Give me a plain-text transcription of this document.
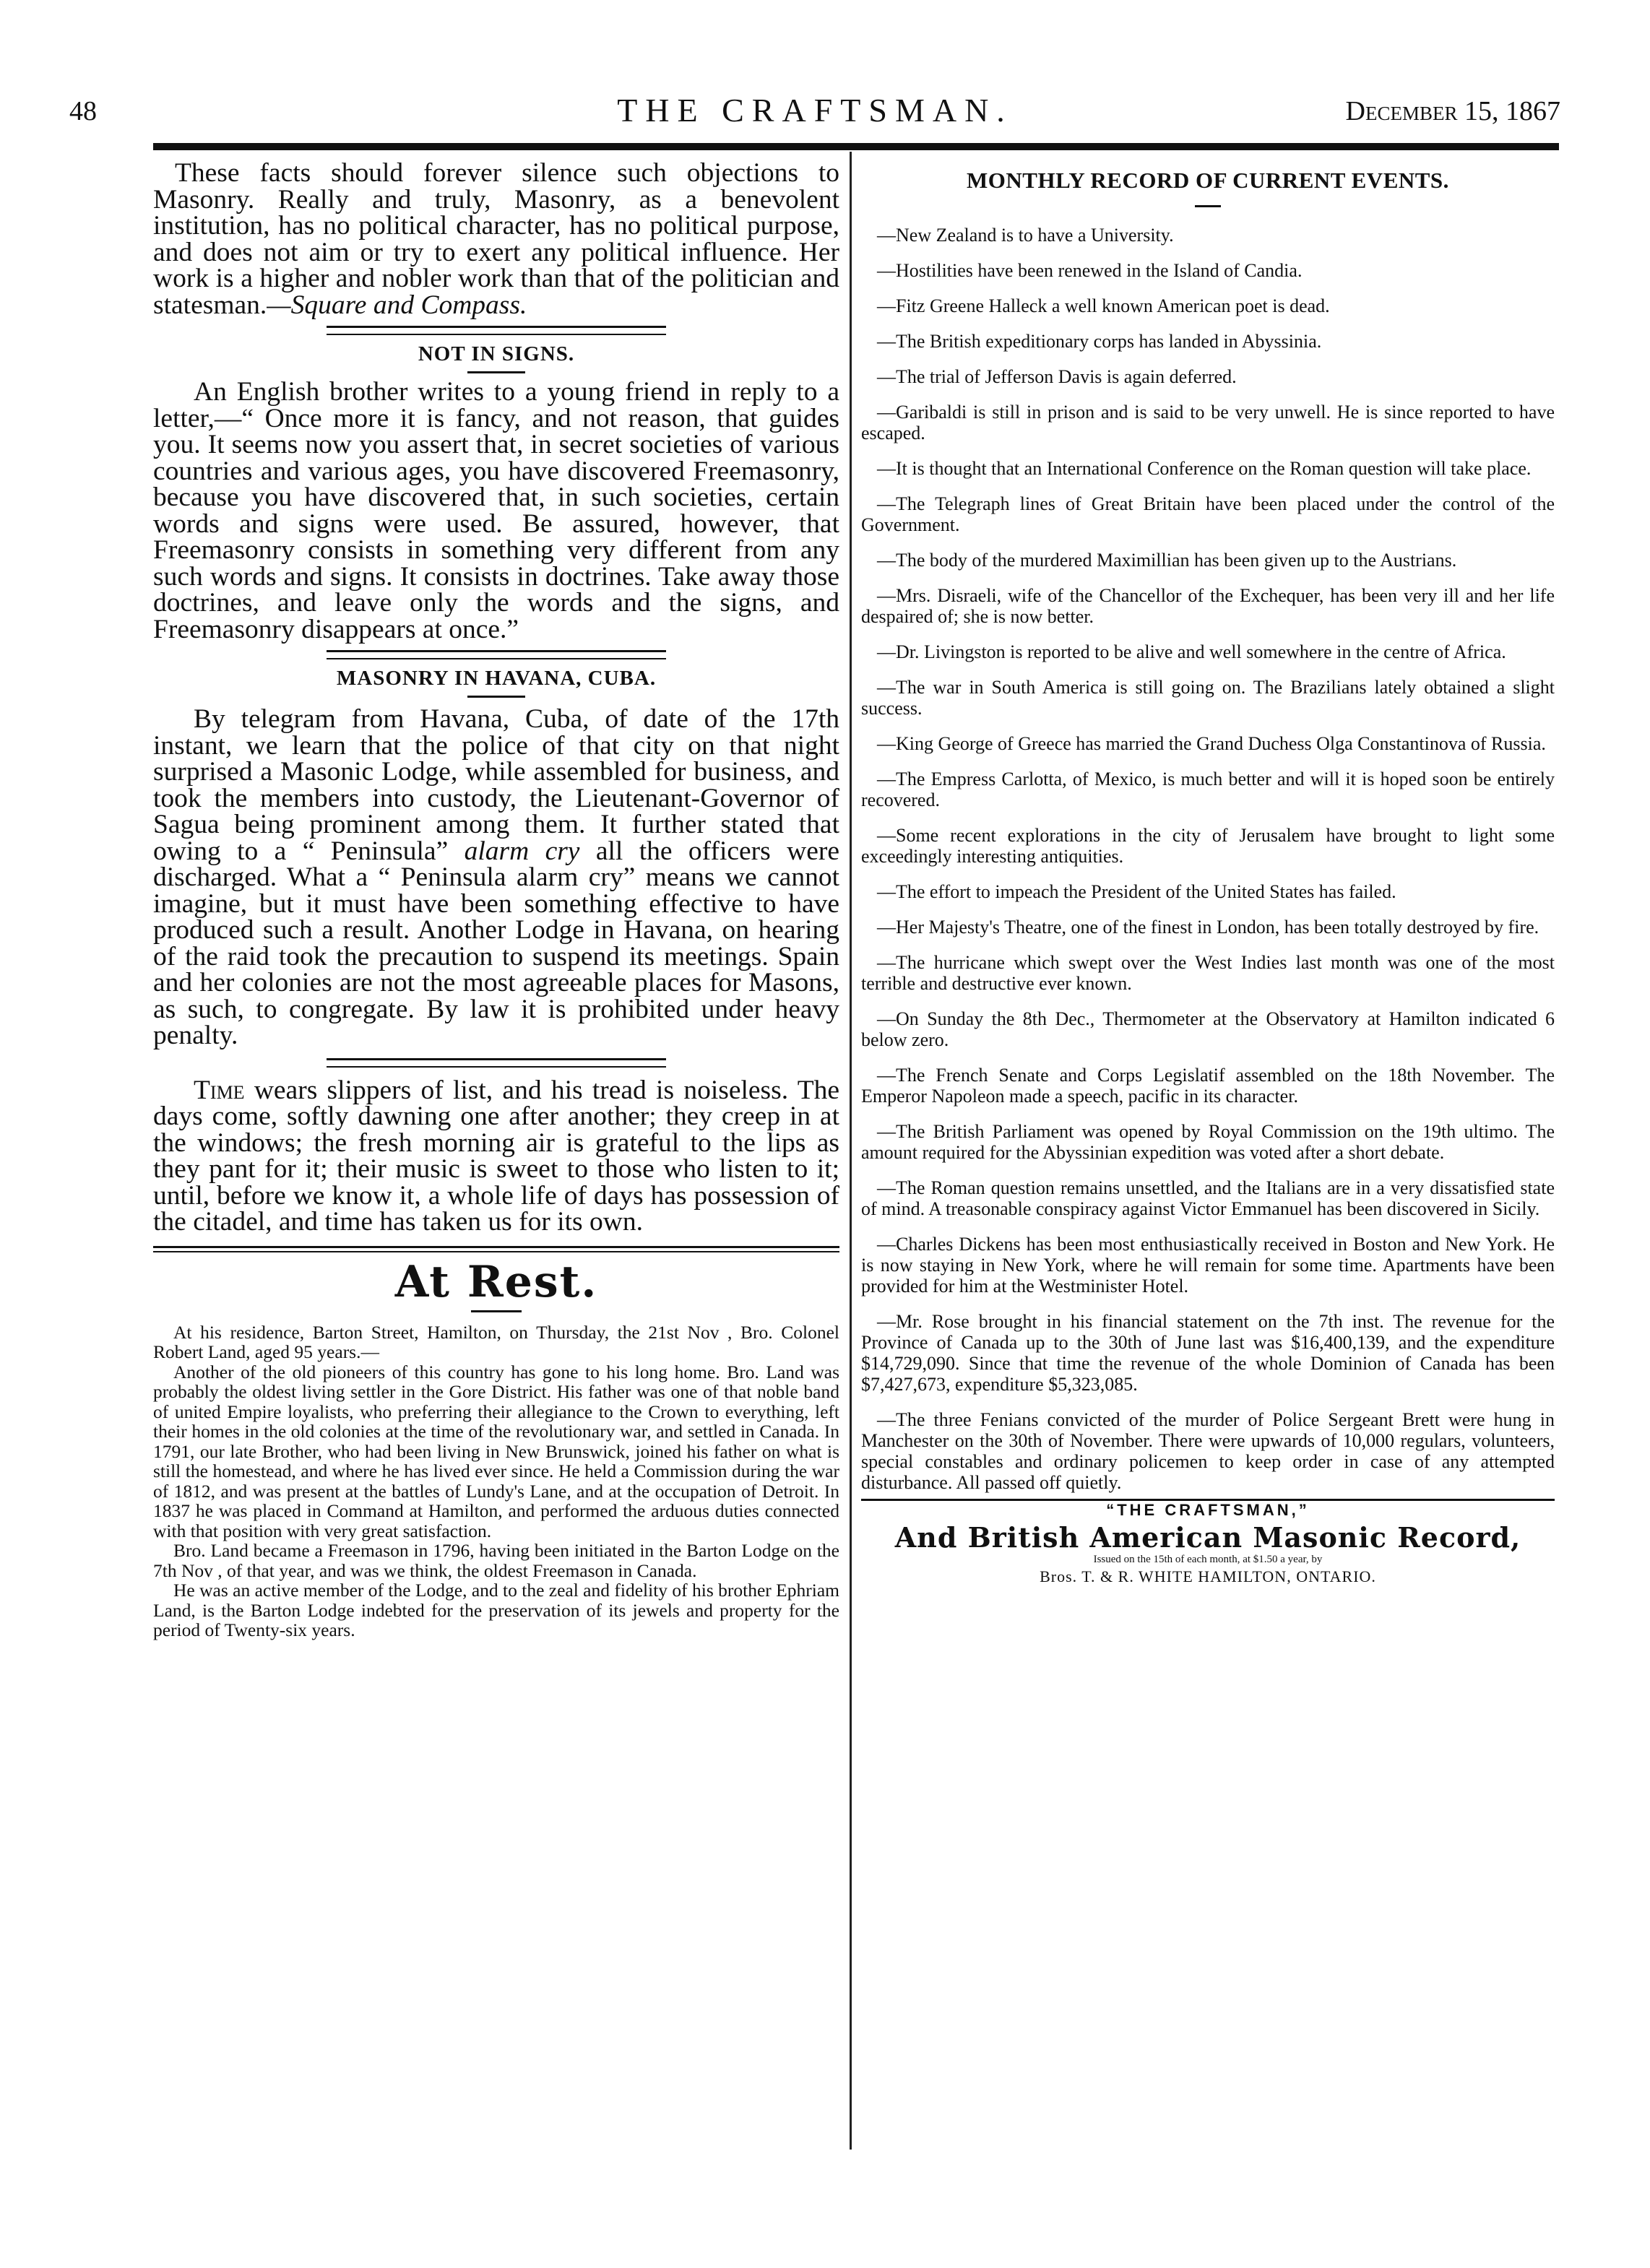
48	THE CRAFTSMAN.	December 15, 1867

These facts should forever silence such objections to Masonry. Really and truly, Masonry, as a benevolent institution, has no political character, has no political purpose, and does not aim or try to exert any political influence. Her work is a higher and nobler work than that of the politician and statesman.—Square and Compass.

NOT IN SIGNS.

An English brother writes to a young friend in reply to a letter,—“ Once more it is fancy, and not reason, that guides you. It seems now you assert that, in secret societies of various countries and various ages, you have discovered Freemasonry, because you have discovered that, in such societies, certain words and signs were used. Be assured, however, that Freemasonry consists in something very different from any such words and signs. It consists in doctrines. Take away those doctrines, and leave only the words and the signs, and Freemasonry disappears at once.”

MASONRY IN HAVANA, CUBA.

By telegram from Havana, Cuba, of date of the 17th instant, we learn that the police of that city on that night surprised a Masonic Lodge, while assembled for business, and took the members into custody, the Lieutenant-Governor of Sagua being prominent among them. It further stated that owing to a “ Peninsula” alarm cry all the officers were discharged. What a “ Peninsula alarm cry” means we cannot imagine, but it must have been something effective to have produced such a result. Another Lodge in Havana, on hearing of the raid took the precaution to suspend its meetings. Spain and her colonies are not the most agreeable places for Masons, as such, to congregate. By law it is prohibited under heavy penalty.

Time wears slippers of list, and his tread is noiseless. The days come, softly dawning one after another; they creep in at the windows; the fresh morning air is grateful to the lips as they pant for it; their music is sweet to those who listen to it; until, before we know it, a whole life of days has possession of the citadel, and time has taken us for its own.

At Rest.

At his residence, Barton Street, Hamilton, on Thursday, the 21st Nov , Bro. Colonel Robert Land, aged 95 years.—

Another of the old pioneers of this country has gone to his long home. Bro. Land was probably the oldest living settler in the Gore District. His father was one of that noble band of united Empire loyalists, who preferring their allegiance to the Crown to everything, left their homes in the old colonies at the time of the revolutionary war, and settled in Canada. In 1791, our late Brother, who had been living in New Brunswick, joined his father on what is still the homestead, and where he has lived ever since. He held a Commission during the war of 1812, and was present at the battles of Lundy's Lane, and at the occupation of Detroit. In 1837 he was placed in Command at Hamilton, and performed the arduous duties connected with that position with very great satisfaction.

Bro. Land became a Freemason in 1796, having been initiated in the Barton Lodge on the 7th Nov , of that year, and was we think, the oldest Freemason in Canada.

He was an active member of the Lodge, and to the zeal and fidelity of his brother Ephriam Land, is the Barton Lodge indebted for the preservation of its jewels and property for the period of Twenty-six years.

MONTHLY RECORD OF CURRENT EVENTS.

—New Zealand is to have a University.

—Hostilities have been renewed in the Island of Candia.

—Fitz Greene Halleck a well known American poet is dead.

—The British expeditionary corps has landed in Abyssinia.

—The trial of Jefferson Davis is again deferred.

—Garibaldi is still in prison and is said to be very unwell. He is since reported to have escaped.

—It is thought that an International Conference on the Roman question will take place.

—The Telegraph lines of Great Britain have been placed under the control of the Government.

—The body of the murdered Maximillian has been given up to the Austrians.

—Mrs. Disraeli, wife of the Chancellor of the Exchequer, has been very ill and her life despaired of; she is now better.

—Dr. Livingston is reported to be alive and well somewhere in the centre of Africa.

—The war in South America is still going on. The Brazilians lately obtained a slight success.

—King George of Greece has married the Grand Duchess Olga Constantinova of Russia.

—The Empress Carlotta, of Mexico, is much better and will it is hoped soon be entirely recovered.

—Some recent explorations in the city of Jerusalem have brought to light some exceedingly interesting antiquities.

—The effort to impeach the President of the United States has failed.

—Her Majesty's Theatre, one of the finest in London, has been totally destroyed by fire.

—The hurricane which swept over the West Indies last month was one of the most terrible and destructive ever known.

—On Sunday the 8th Dec., Thermometer at the Observatory at Hamilton indicated 6 below zero.

—The French Senate and Corps Legislatif assembled on the 18th November. The Emperor Napoleon made a speech, pacific in its character.

—The British Parliament was opened by Royal Commission on the 19th ultimo. The amount required for the Abyssinian expedition was voted after a short debate.

—The Roman question remains unsettled, and the Italians are in a very dissatisfied state of mind. A treasonable conspiracy against Victor Emmanuel has been discovered in Sicily.

—Charles Dickens has been most enthusiastically received in Boston and New York. He is now staying in New York, where he will remain for some time. Apartments have been provided for him at the Westminister Hotel.

—Mr. Rose brought in his financial statement on the 7th inst. The revenue for the Province of Canada up to the 30th of June last was $16,400,139, and the expenditure $14,729,090. Since that time the revenue of the whole Dominion of Canada has been $7,427,673, expenditure $5,323,085.

—The three Fenians convicted of the murder of Police Sergeant Brett were hung in Manchester on the 30th of November. There were upwards of 10,000 regulars, volunteers, special constables and ordinary policemen to keep order in case of any attempted disturbance. All passed off quietly.

“THE CRAFTSMAN,”

And British American Masonic Record,

Issued on the 15th of each month, at $1.50 a year, by

Bros. T. & R. WHITE HAMILTON, ONTARIO.
